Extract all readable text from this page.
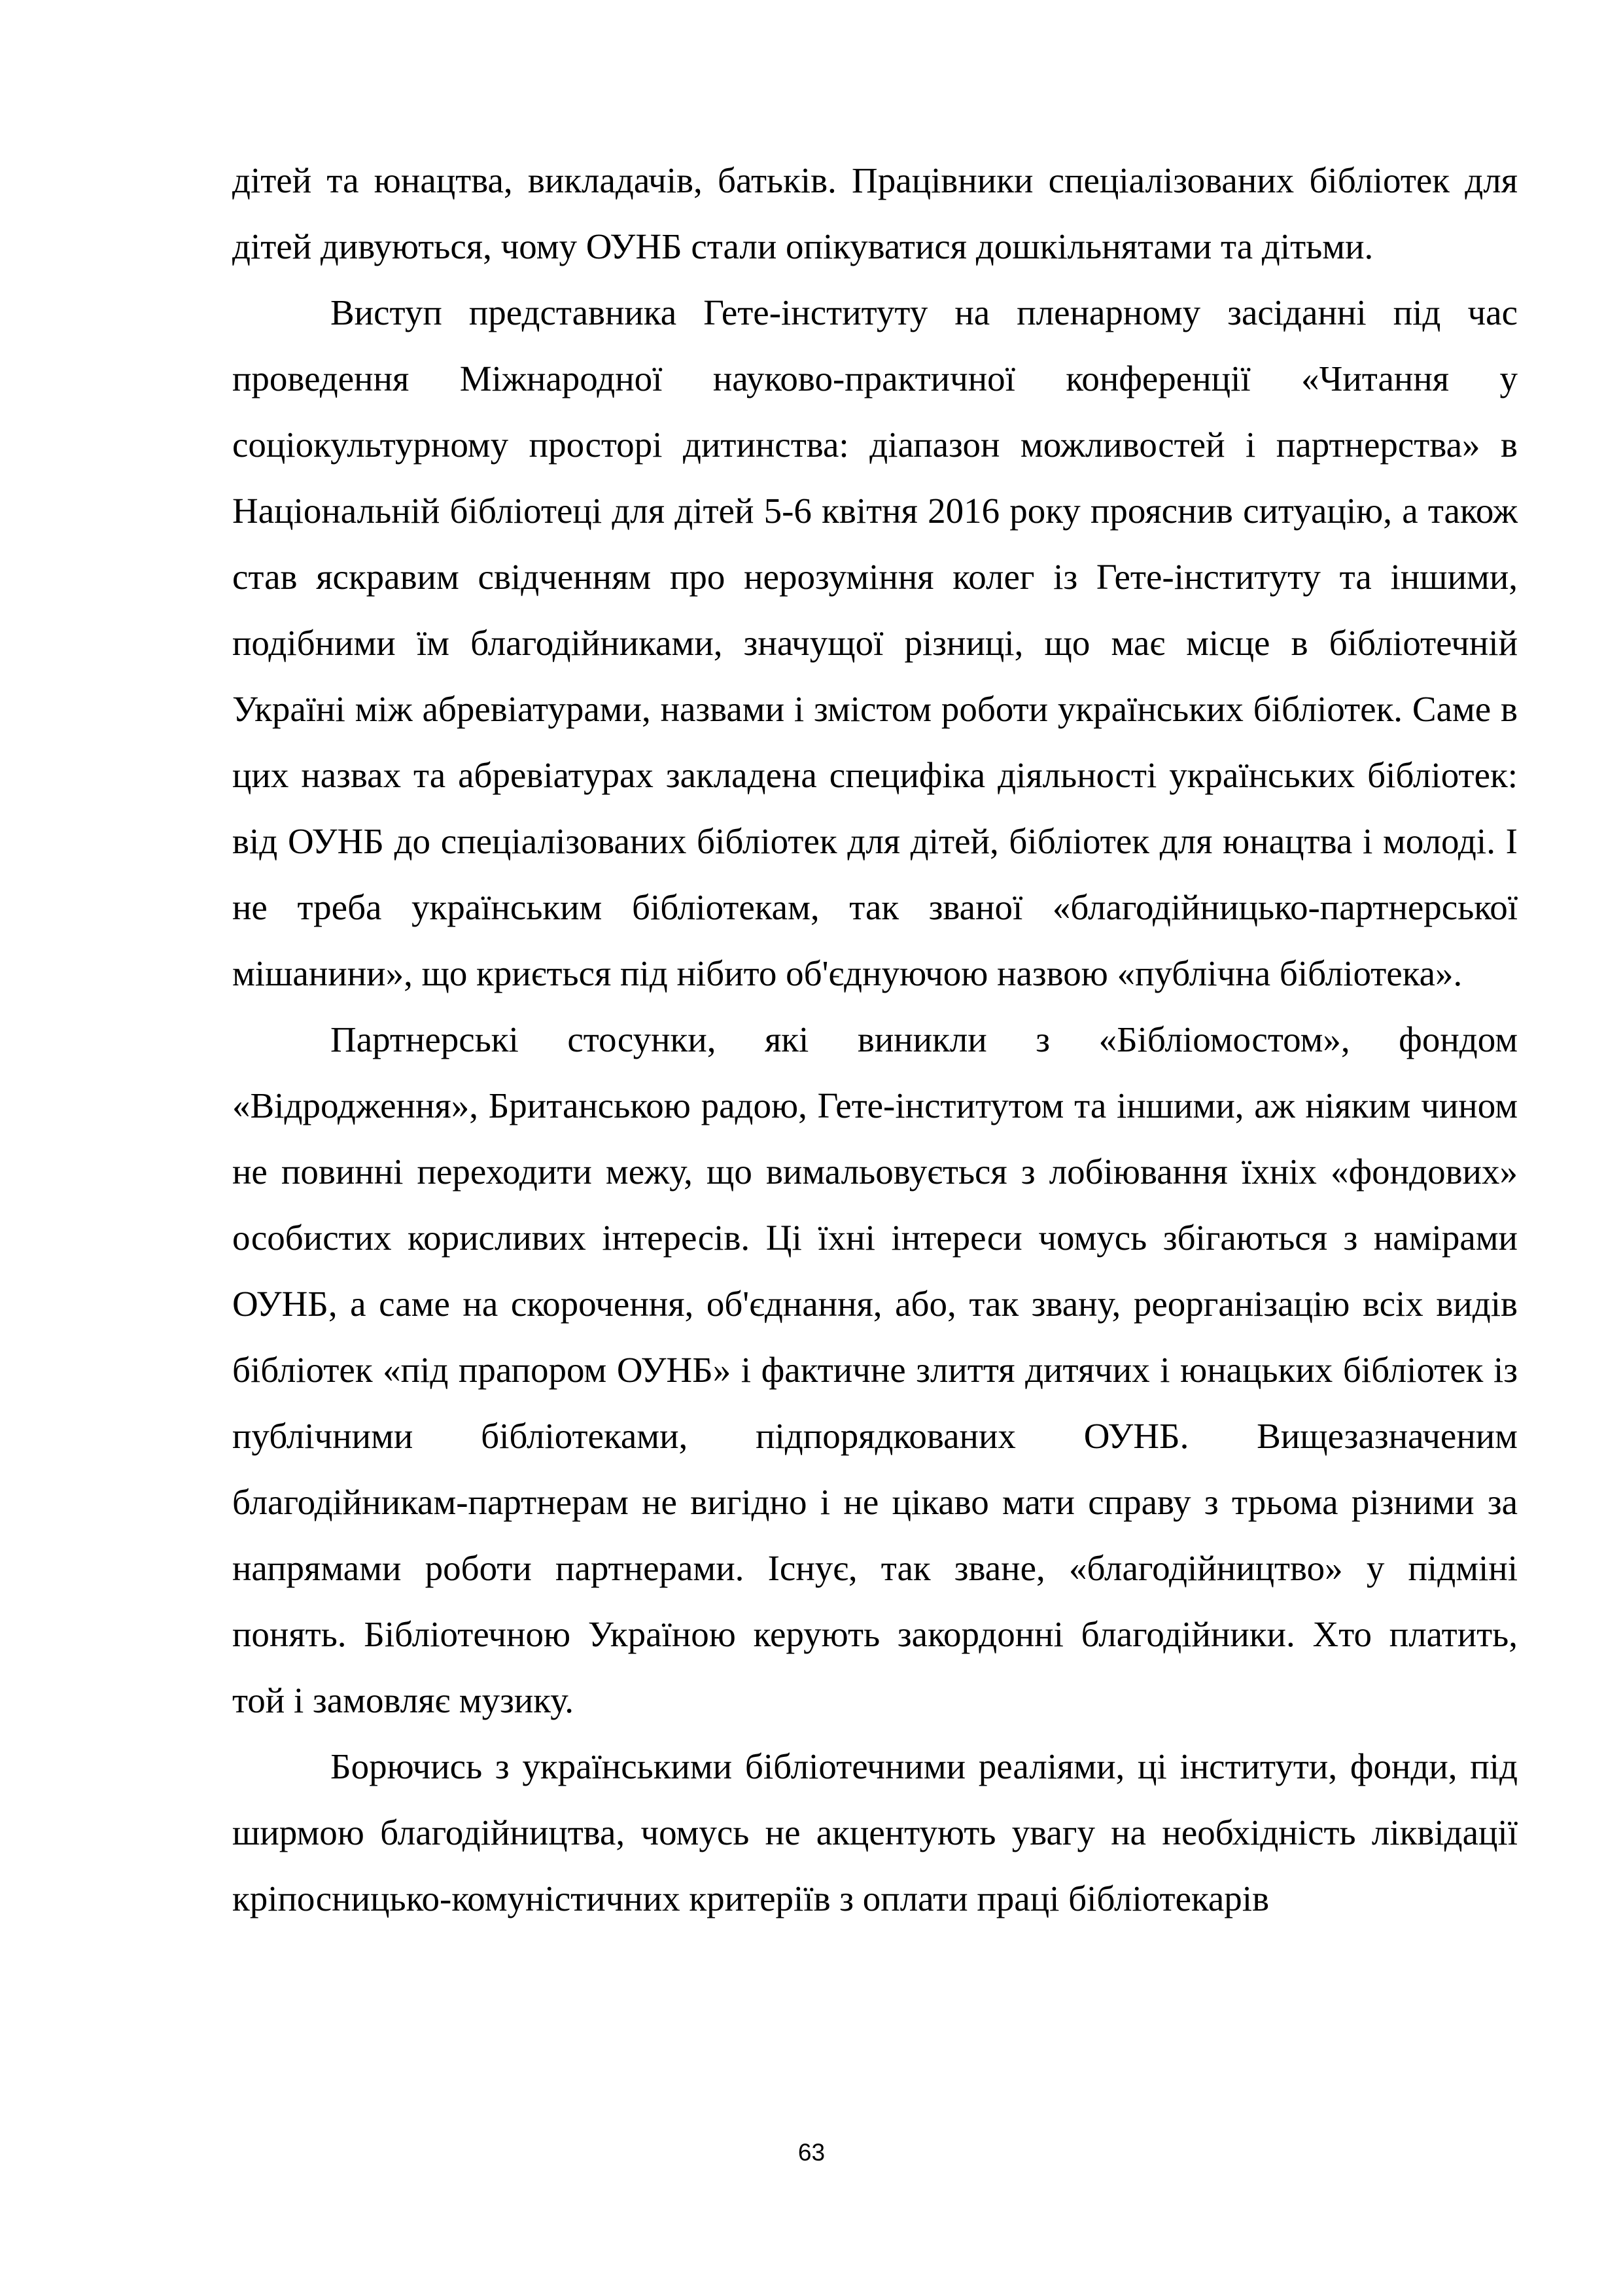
дітей та юнацтва, викладачів, батьків. Працівники спеціалізованих бібліотек для дітей дивуються, чому ОУНБ стали опікуватися дошкільнятами та дітьми.

Виступ представника Гете-інституту на пленарному засіданні під час проведення Міжнародної науково-практичної конференції «Читання у соціокультурному просторі дитинства: діапазон можливостей і партнерства» в Національній бібліотеці для дітей 5-6 квітня 2016 року прояснив ситуацію, а також став яскравим свідченням про нерозуміння колег із Гете-інституту та іншими, подібними їм благодійниками, значущої різниці, що має місце в бібліотечній Україні між абревіатурами, назвами і змістом роботи українських бібліотек. Саме в цих назвах та абревіатурах закладена специфіка діяльності українських бібліотек: від ОУНБ до спеціалізованих бібліотек для дітей, бібліотек для юнацтва і молоді. І не треба українським бібліотекам, так званої «благодійницько-партнерської мішанини», що криється під нібито об'єднуючою назвою «публічна бібліотека».

Партнерські стосунки, які виникли з «Бібліомостом», фондом «Відродження», Британською радою, Гете-інститутом та іншими, аж ніяким чином не повинні переходити межу, що вимальовується з лобіювання їхніх «фондових» особистих корисливих інтересів. Ці їхні інтереси чомусь збігаються з намірами ОУНБ, а саме на скорочення, об'єднання, або, так звану, реорганізацію всіх видів бібліотек «під прапором ОУНБ» і фактичне злиття дитячих і юнацьких бібліотек із публічними бібліотеками, підпорядкованих ОУНБ. Вищезазначеним благодійникам-партнерам не вигідно і не цікаво мати справу з трьома різними за напрямами роботи партнерами. Існує, так зване, «благодійництво» у підміні понять. Бібліотечною Україною керують закордонні благодійники. Хто платить, той і замовляє музику.

Борючись з українськими бібліотечними реаліями, ці інститути, фонди, під ширмою благодійництва, чомусь не акцентують увагу на необхідність ліквідації кріпосницько-комуністичних критеріїв з оплати праці бібліотекарів

63
